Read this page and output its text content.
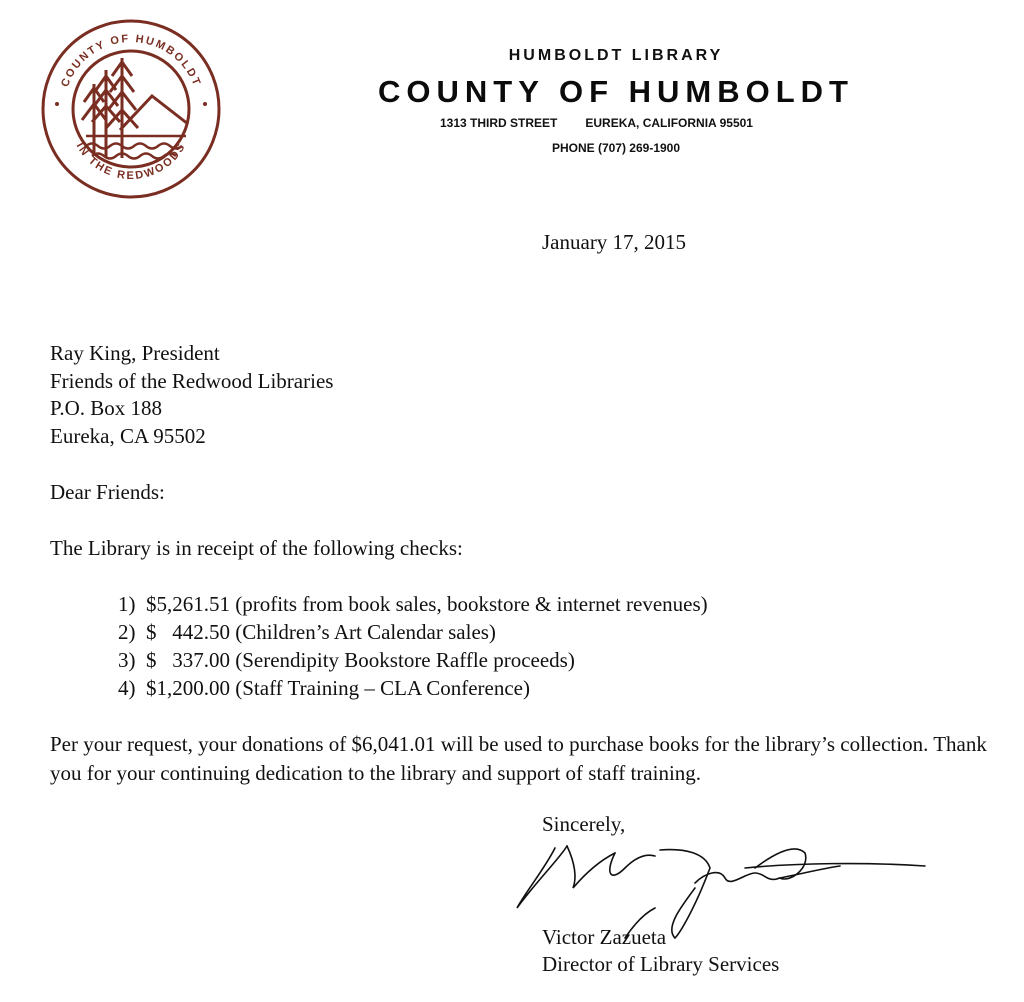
COUNTY OF HUMBOLDT
IN THE REDWOODS
HUMBOLDT LIBRARY
COUNTY OF HUMBOLDT
1313 THIRD STREET EUREKA, CALIFORNIA 95501
PHONE (707) 269-1900
January 17, 2015
Ray King, President
Friends of the Redwood Libraries
P.O. Box 188
Eureka, CA 95502
Dear Friends:
The Library is in receipt of the following checks:
1)  $5,261.51 (profits from book sales, bookstore & internet revenues)
2)  $   442.50 (Children’s Art Calendar sales)
3)  $   337.00 (Serendipity Bookstore Raffle proceeds)
4)  $1,200.00 (Staff Training – CLA Conference)
Per your request, your donations of $6,041.01 will be used to purchase books for the library’s collection. Thank you for your continuing dedication to the library and support of staff training.
Sincerely,
Victor Zazueta
Director of Library Services
